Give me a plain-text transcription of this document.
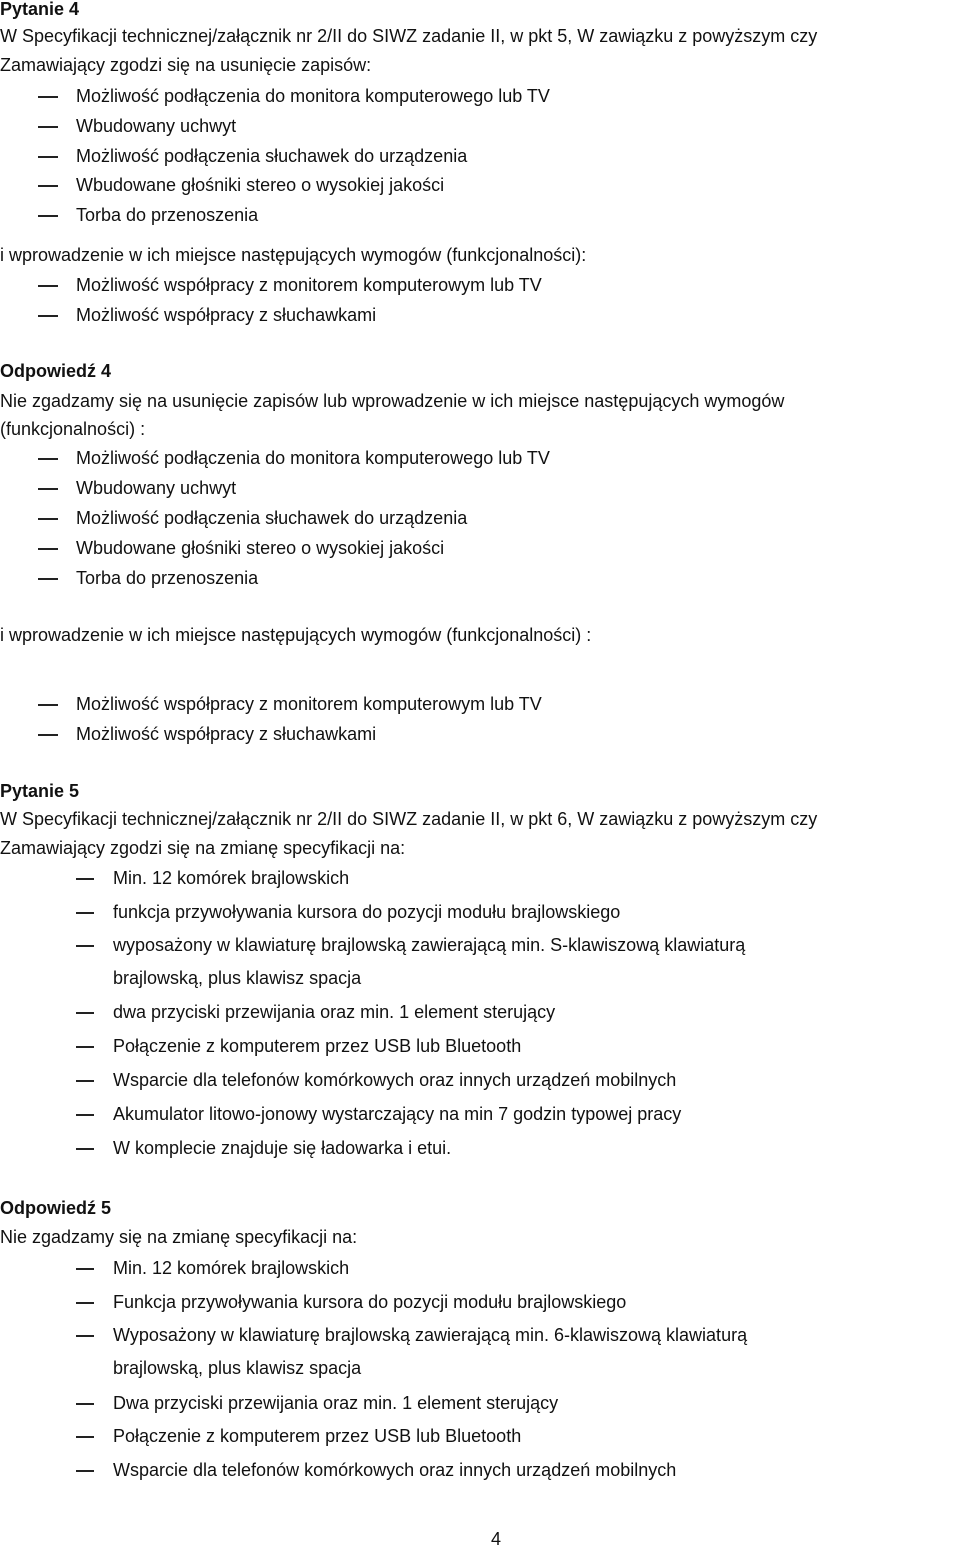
Pytanie 4
W Specyfikacji technicznej/załącznik nr 2/II do SIWZ zadanie II, w pkt 5, W zawiązku z powyższym czy
Zamawiający zgodzi się na usunięcie zapisów:
Możliwość podłączenia do monitora komputerowego lub TV
Wbudowany uchwyt
Możliwość podłączenia słuchawek do urządzenia
Wbudowane głośniki stereo o wysokiej jakości
Torba do przenoszenia
i wprowadzenie w ich miejsce następujących wymogów (funkcjonalności):
Możliwość współpracy z monitorem komputerowym lub TV
Możliwość współpracy z słuchawkami
Odpowiedź 4
Nie zgadzamy się na usunięcie zapisów lub wprowadzenie w ich miejsce następujących wymogów
(funkcjonalności) :
Możliwość podłączenia do monitora komputerowego lub TV
Wbudowany uchwyt
Możliwość podłączenia słuchawek do urządzenia
Wbudowane głośniki stereo o wysokiej jakości
Torba do przenoszenia
i wprowadzenie w ich miejsce następujących wymogów (funkcjonalności) :
Możliwość współpracy z monitorem komputerowym lub TV
Możliwość współpracy z słuchawkami
Pytanie 5
W Specyfikacji technicznej/załącznik nr 2/II do SIWZ zadanie II, w pkt 6, W zawiązku z powyższym czy
Zamawiający zgodzi się na zmianę specyfikacji na:
Min. 12 komórek brajlowskich
funkcja przywoływania kursora do pozycji modułu brajlowskiego
wyposażony w klawiaturę brajlowską zawierającą min. S-klawiszową klawiaturą
brajlowską, plus klawisz spacja
dwa przyciski przewijania oraz min. 1 element sterujący
Połączenie z komputerem przez USB lub Bluetooth
Wsparcie dla telefonów komórkowych oraz innych urządzeń mobilnych
Akumulator litowo-jonowy wystarczający na min 7 godzin typowej pracy
W komplecie znajduje się ładowarka i etui.
Odpowiedź 5
Nie zgadzamy się na zmianę specyfikacji na:
Min. 12 komórek brajlowskich
Funkcja przywoływania kursora do pozycji modułu brajlowskiego
Wyposażony w klawiaturę brajlowską zawierającą min. 6-klawiszową klawiaturą
brajlowską, plus klawisz spacja
Dwa przyciski przewijania oraz min. 1 element sterujący
Połączenie z komputerem przez USB lub Bluetooth
Wsparcie dla telefonów komórkowych oraz innych urządzeń mobilnych
4
